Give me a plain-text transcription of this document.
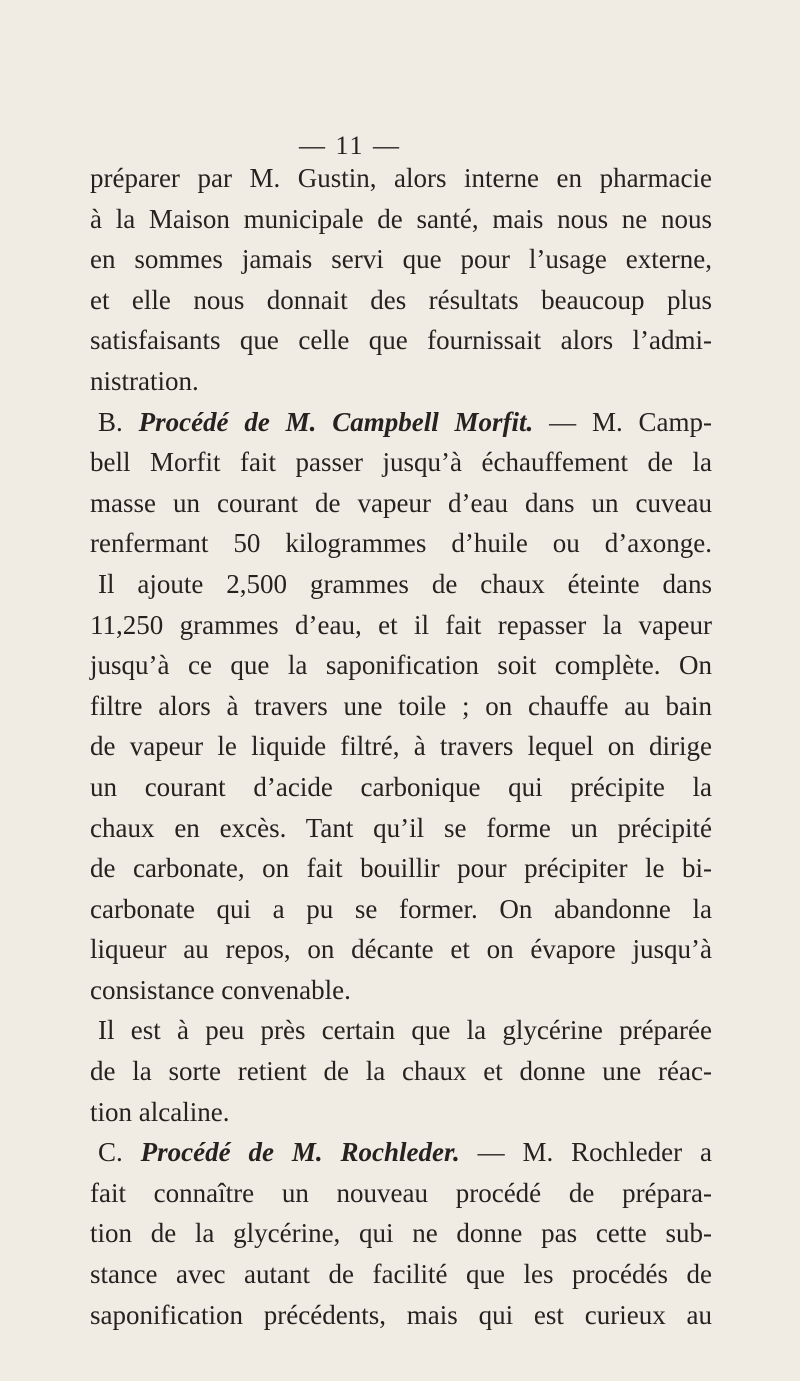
— 11 —
préparer par M. Gustin, alors interne en pharmacie
à la Maison municipale de santé, mais nous ne nous
en sommes jamais servi que pour l’usage externe,
et elle nous donnait des résultats beaucoup plus
satisfaisants que celle que fournissait alors l’admi-
nistration.
B. Procédé de M. Campbell Morfit. — M. Camp-
bell Morfit fait passer jusqu’à échauffement de la
masse un courant de vapeur d’eau dans un cuveau
renfermant 50 kilogrammes d’huile ou d’axonge.
Il ajoute 2,500 grammes de chaux éteinte dans
11,250 grammes d’eau, et il fait repasser la vapeur
jusqu’à ce que la saponification soit complète. On
filtre alors à travers une toile ; on chauffe au bain
de vapeur le liquide filtré, à travers lequel on dirige
un courant d’acide carbonique qui précipite la
chaux en excès. Tant qu’il se forme un précipité
de carbonate, on fait bouillir pour précipiter le bi-
carbonate qui a pu se former. On abandonne la
liqueur au repos, on décante et on évapore jusqu’à
consistance convenable.
Il est à peu près certain que la glycérine préparée
de la sorte retient de la chaux et donne une réac-
tion alcaline.
C. Procédé de M. Rochleder. — M. Rochleder a
fait connaître un nouveau procédé de prépara-
tion de la glycérine, qui ne donne pas cette sub-
stance avec autant de facilité que les procédés de
saponification précédents, mais qui est curieux au
